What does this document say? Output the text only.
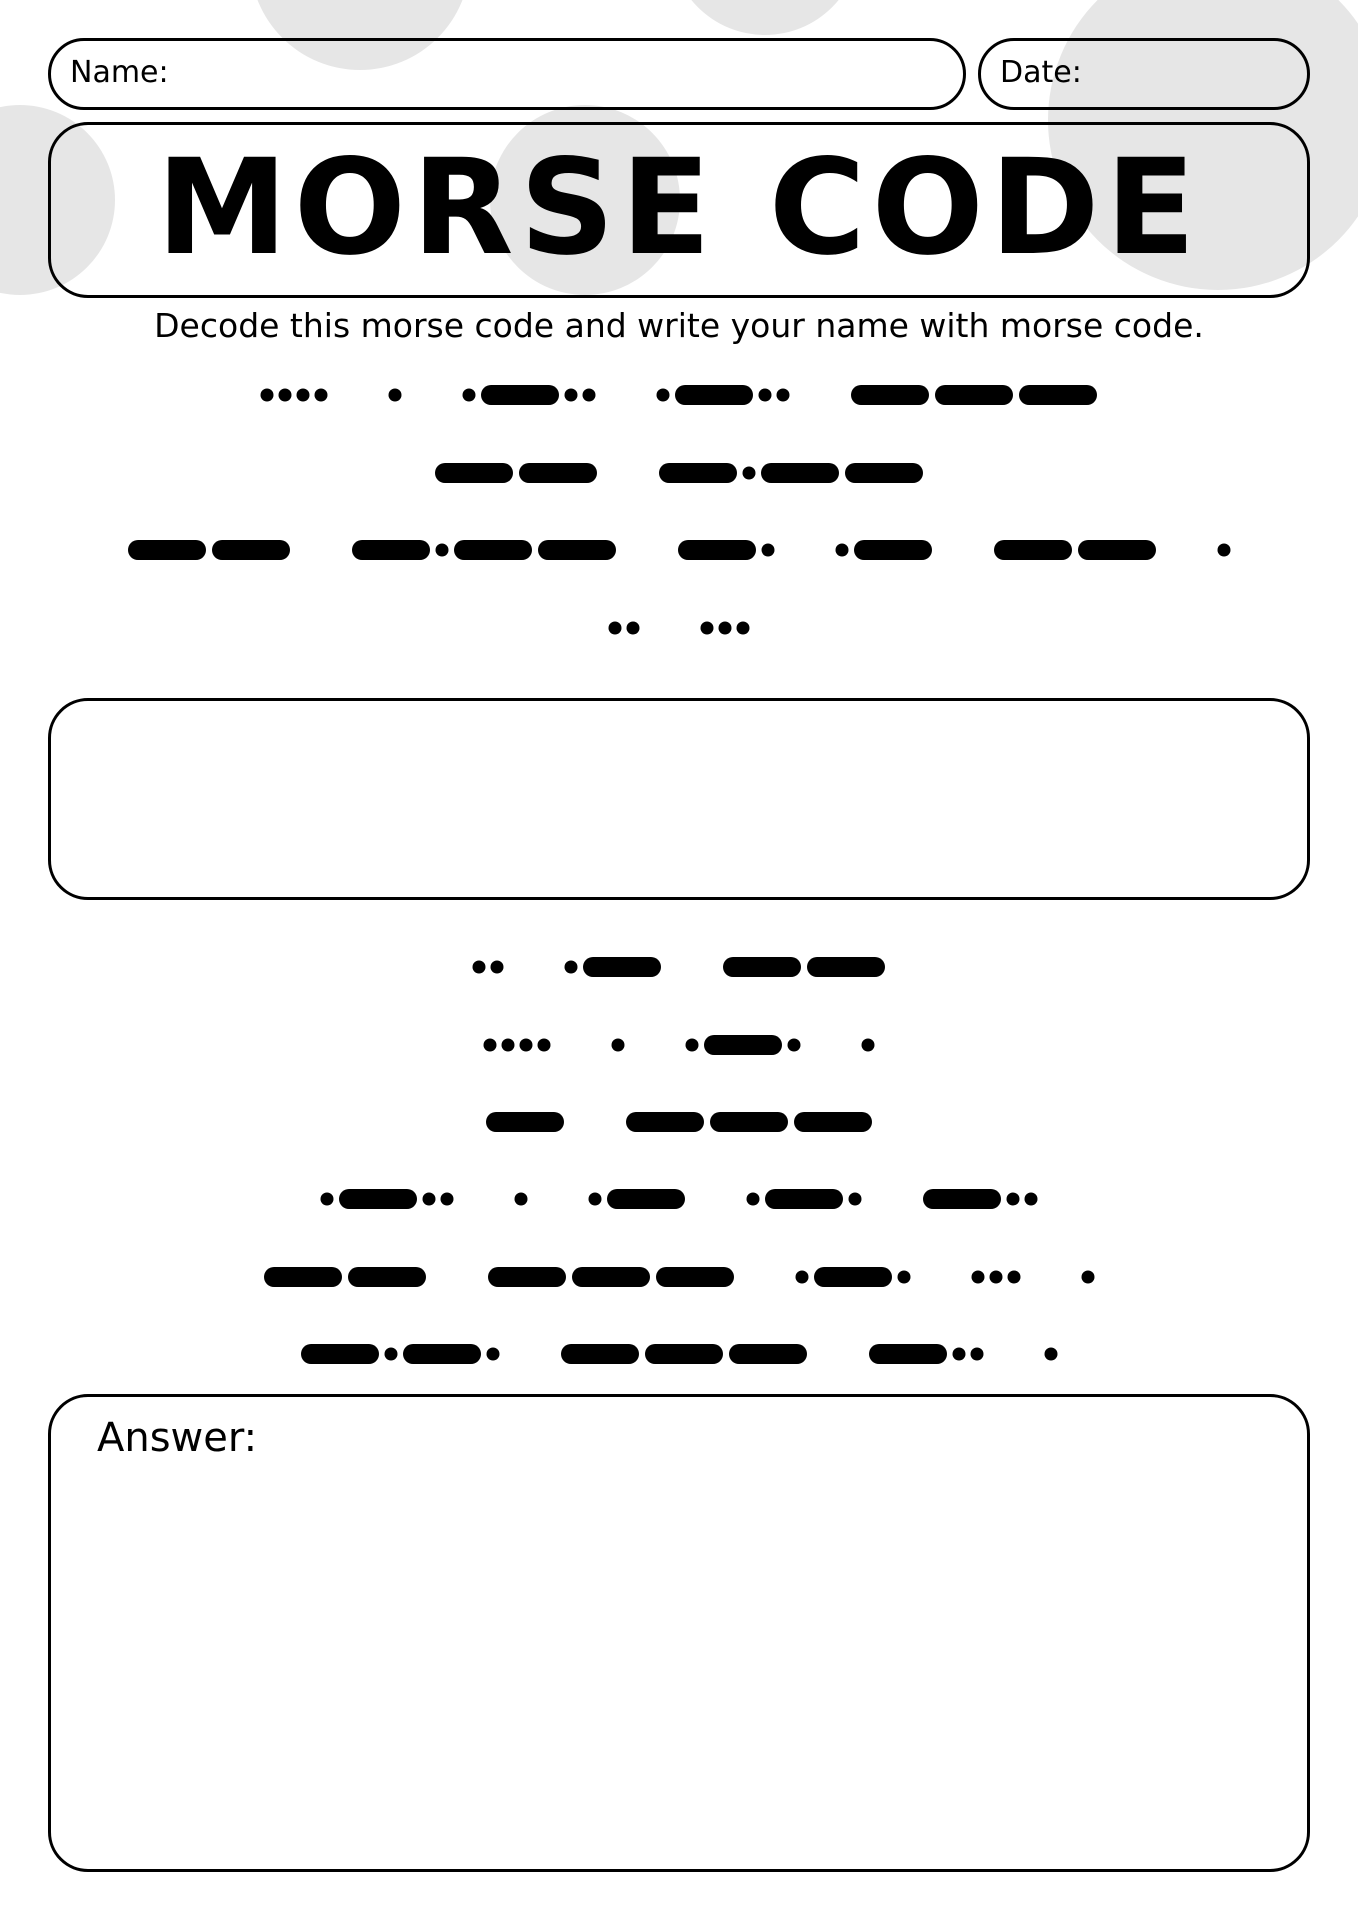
Name:	Date:
MORSE CODE
Decode this morse code and write your name with morse code.
Answer:
